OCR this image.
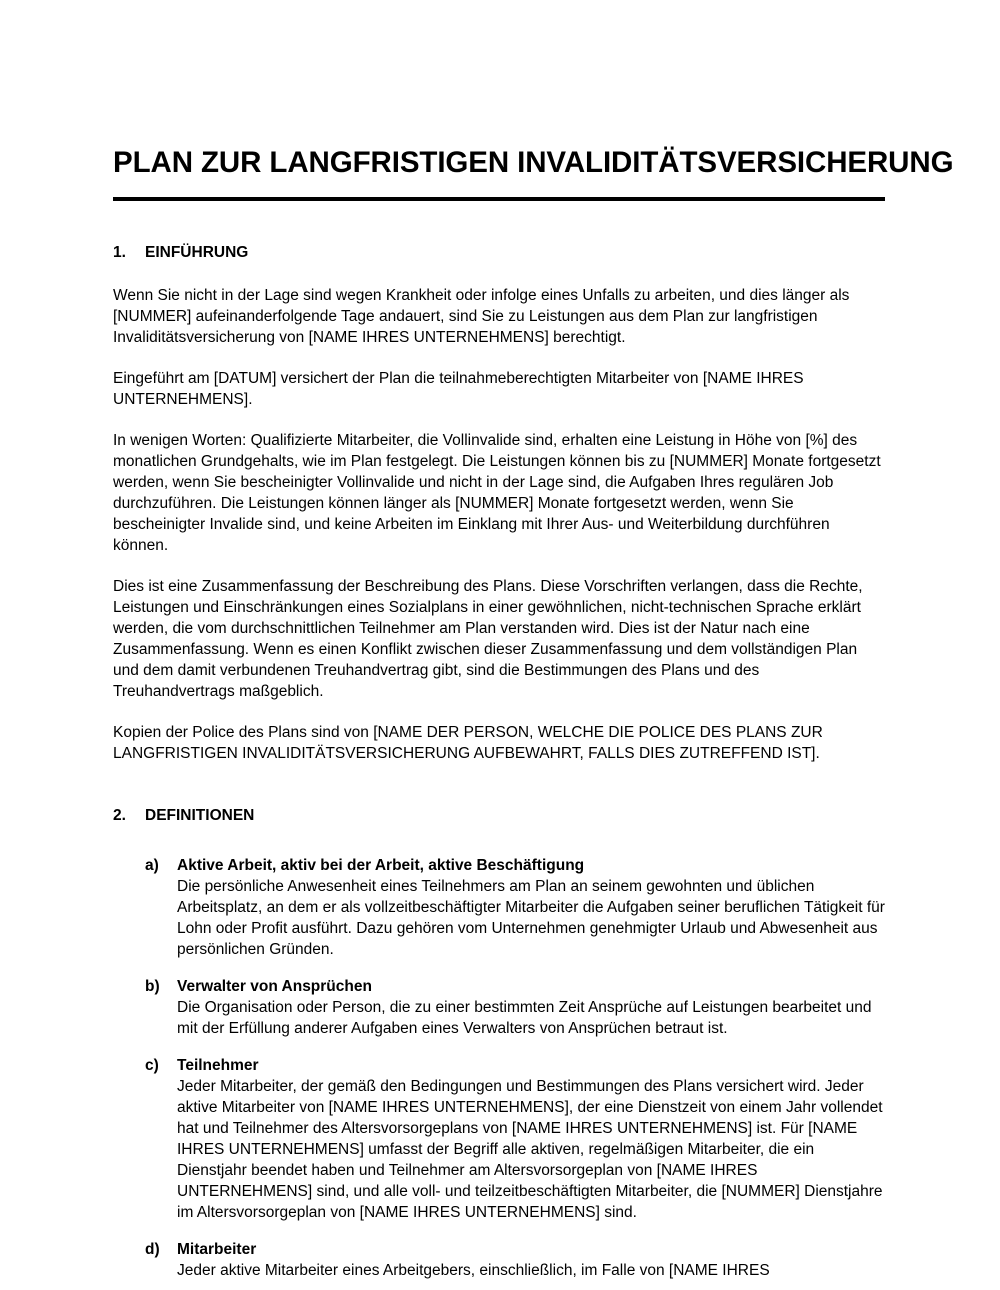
PLAN ZUR LANGFRISTIGEN INVALIDITÄTSVERSICHERUNG
1.	EINFÜHRUNG

Wenn Sie nicht in der Lage sind wegen Krankheit oder infolge eines Unfalls zu arbeiten, und dies länger als [NUMMER] aufeinanderfolgende Tage andauert, sind Sie zu Leistungen aus dem Plan zur langfristigen Invaliditätsversicherung von [NAME IHRES UNTERNEHMENS] berechtigt.

Eingeführt am [DATUM] versichert der Plan die teilnahmeberechtigten Mitarbeiter von [NAME IHRES UNTERNEHMENS].

In wenigen Worten: Qualifizierte Mitarbeiter, die Vollinvalide sind, erhalten eine Leistung in Höhe von [%] des monatlichen Grundgehalts, wie im Plan festgelegt. Die Leistungen können bis zu [NUMMER] Monate fortgesetzt werden, wenn Sie bescheinigter Vollinvalide und nicht in der Lage sind, die Aufgaben Ihres regulären Job durchzuführen. Die Leistungen können länger als [NUMMER] Monate fortgesetzt werden, wenn Sie bescheinigter Invalide sind, und keine Arbeiten im Einklang mit Ihrer Aus- und Weiterbildung durchführen können.

Dies ist eine Zusammenfassung der Beschreibung des Plans. Diese Vorschriften verlangen, dass die Rechte, Leistungen und Einschränkungen eines Sozialplans in einer gewöhnlichen, nicht-technischen Sprache erklärt werden, die vom durchschnittlichen Teilnehmer am Plan verstanden wird. Dies ist der Natur nach eine Zusammenfassung. Wenn es einen Konflikt zwischen dieser Zusammenfassung und dem vollständigen Plan und dem damit verbundenen Treuhandvertrag gibt, sind die Bestimmungen des Plans und des Treuhandvertrags maßgeblich.

Kopien der Police des Plans sind von [NAME DER PERSON, WELCHE DIE POLICE DES PLANS ZUR LANGFRISTIGEN INVALIDITÄTSVERSICHERUNG AUFBEWAHRT, FALLS DIES ZUTREFFEND IST].

2.	DEFINITIONEN
a)	Aktive Arbeit, aktiv bei der Arbeit, aktive Beschäftigung
Die persönliche Anwesenheit eines Teilnehmers am Plan an seinem gewohnten und üblichen Arbeitsplatz, an dem er als vollzeitbeschäftigter Mitarbeiter die Aufgaben seiner beruflichen Tätigkeit für Lohn oder Profit ausführt. Dazu gehören vom Unternehmen genehmigter Urlaub und Abwesenheit aus persönlichen Gründen.
b)	Verwalter von Ansprüchen
Die Organisation oder Person, die zu einer bestimmten Zeit Ansprüche auf Leistungen bearbeitet und mit der Erfüllung anderer Aufgaben eines Verwalters von Ansprüchen betraut ist.
c)	Teilnehmer
Jeder Mitarbeiter, der gemäß den Bedingungen und Bestimmungen des Plans versichert wird. Jeder aktive Mitarbeiter von [NAME IHRES UNTERNEHMENS], der eine Dienstzeit von einem Jahr vollendet hat und Teilnehmer des Altersvorsorgeplans von [NAME IHRES UNTERNEHMENS] ist. Für [NAME IHRES UNTERNEHMENS] umfasst der Begriff alle aktiven, regelmäßigen Mitarbeiter, die ein Dienstjahr beendet haben und Teilnehmer am Altersvorsorgeplan von [NAME IHRES UNTERNEHMENS] sind, und alle voll- und teilzeitbeschäftigten Mitarbeiter, die [NUMMER] Dienstjahre im Altersvorsorgeplan von [NAME IHRES UNTERNEHMENS] sind.
d)	Mitarbeiter
Jeder aktive Mitarbeiter eines Arbeitgebers, einschließlich, im Falle von [NAME IHRES
